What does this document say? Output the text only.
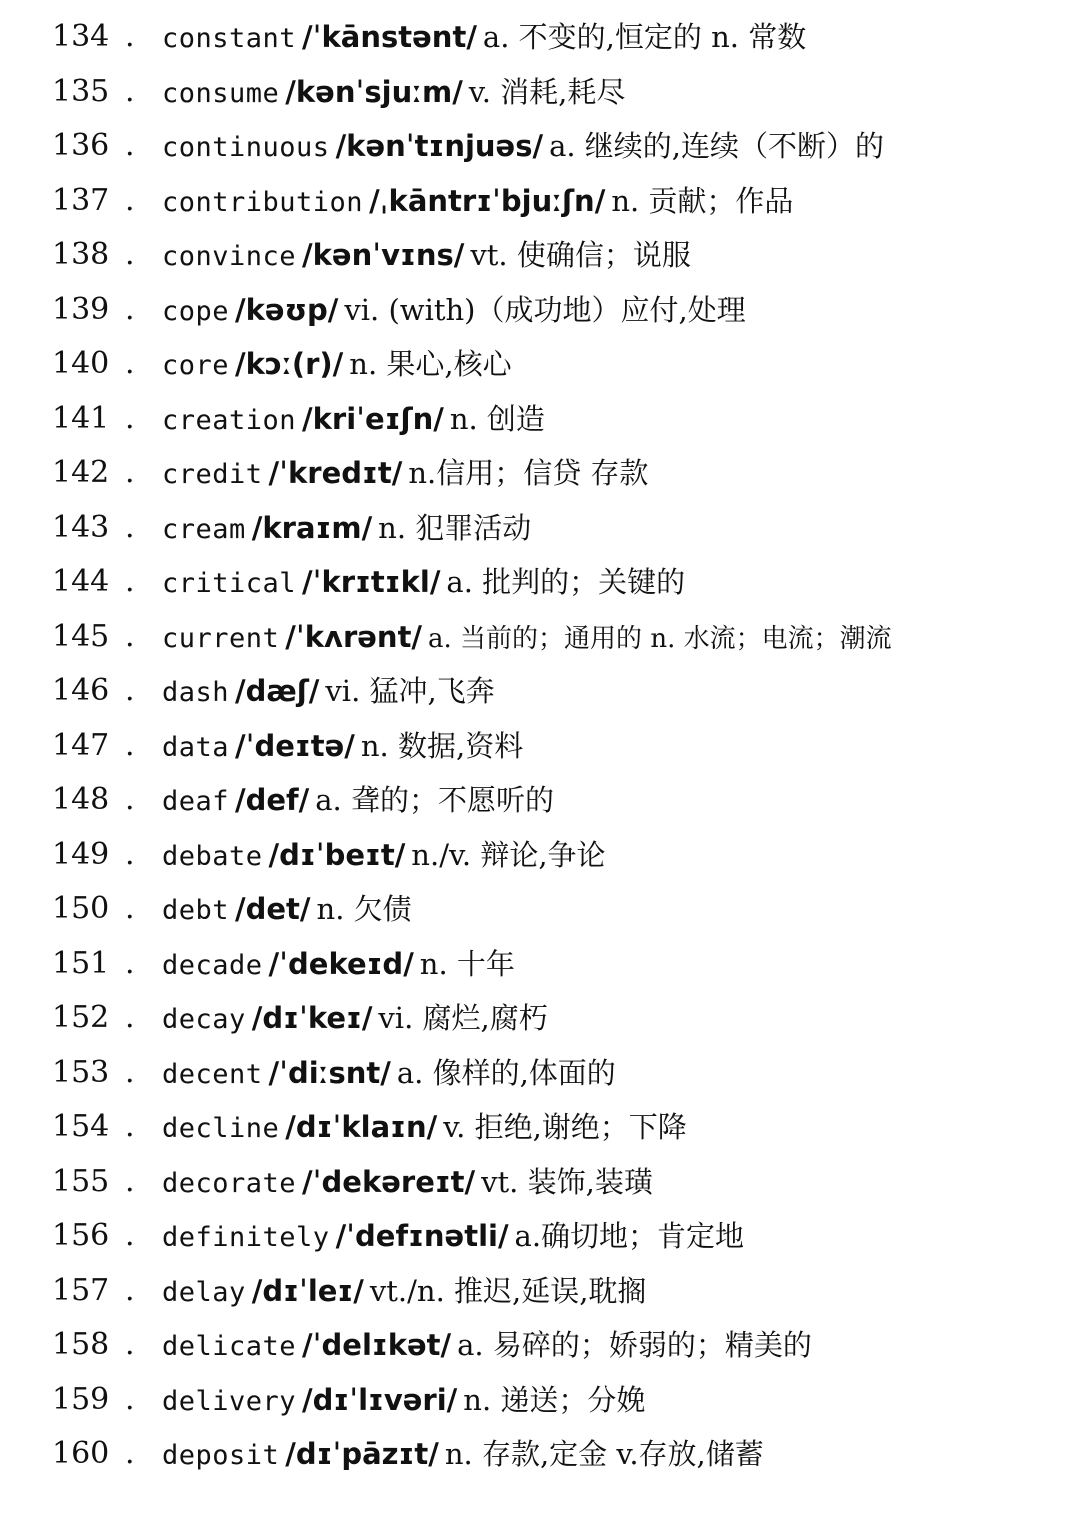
134 . constant /ˈkānstənt/ a. 不变的,恒定的 n. 常数
135 . consume /kənˈsjuːm/ v. 消耗,耗尽
136 . continuous /kənˈtɪnjuəs/ a. 继续的,连续（不断）的
137 . contribution /ˌkāntrɪˈbjuːʃn/ n. 贡献；作品
138 . convince /kənˈvɪns/ vt. 使确信；说服
139 . cope /kəʊp/ vi. (with)（成功地）应付,处理
140 . core /kɔː(r)/ n. 果心,核心
141 . creation /kriˈeɪʃn/ n. 创造
142 . credit /ˈkredɪt/ n.信用；信贷 存款
143 . cream /kraɪm/ n. 犯罪活动
144 . critical /ˈkrɪtɪkl/ a. 批判的；关键的
145 . current /ˈkʌrənt/ a. 当前的；通用的 n. 水流；电流；潮流
146 . dash /dæʃ/ vi. 猛冲,飞奔
147 . data /ˈdeɪtə/ n. 数据,资料
148 . deaf /def/ a. 聋的；不愿听的
149 . debate /dɪˈbeɪt/ n./v. 辩论,争论
150 . debt /det/ n. 欠债
151 . decade /ˈdekeɪd/ n. 十年
152 . decay /dɪˈkeɪ/ vi. 腐烂,腐朽
153 . decent /ˈdiːsnt/ a. 像样的,体面的
154 . decline /dɪˈklaɪn/ v. 拒绝,谢绝；下降
155 . decorate /ˈdekəreɪt/ vt. 装饰,装璜
156 . definitely /ˈdefɪnətli/ a.确切地；肯定地
157 . delay /dɪˈleɪ/ vt./n. 推迟,延误,耽搁
158 . delicate /ˈdelɪkət/ a. 易碎的；娇弱的；精美的
159 . delivery /dɪˈlɪvəri/ n. 递送；分娩
160 . deposit /dɪˈpāzɪt/ n. 存款,定金 v.存放,储蓄
